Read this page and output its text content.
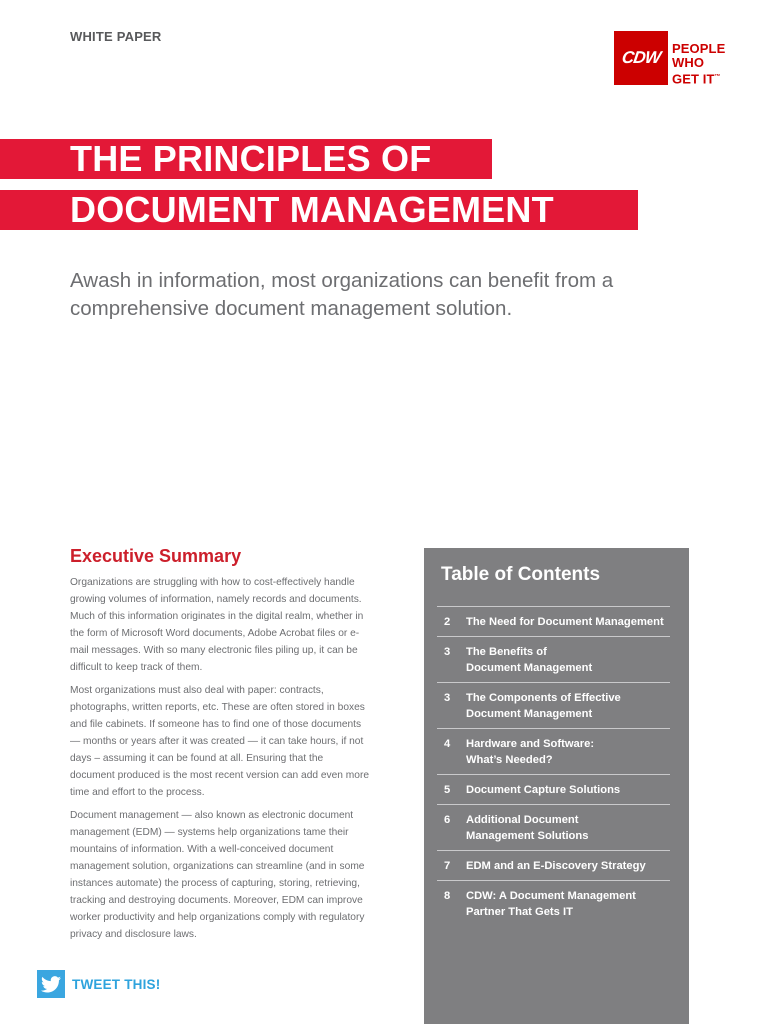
WHITE PAPER
CDW PEOPLE
WHO
GET IT™
THE PRINCIPLES OF
DOCUMENT MANAGEMENT
Awash in information, most organizations can benefit from a comprehensive document management solution.
Executive Summary

Organizations are struggling with how to cost-effectively handle growing volumes of information, namely records and documents. Much of this information originates in the digital realm, whether in the form of Microsoft Word documents, Adobe Acrobat files or e-mail messages. With so many electronic files piling up, it can be difficult to keep track of them.

Most organizations must also deal with paper: contracts, photographs, written reports, etc. These are often stored in boxes and file cabinets. If someone has to find one of those documents — months or years after it was created — it can take hours, if not days – assuming it can be found at all. Ensuring that the document produced is the most recent version can add even more time and effort to the process.

Document management — also known as electronic document management (EDM) — systems help organizations tame their mountains of information. With a well-conceived document management solution, organizations can streamline (and in some instances automate) the process of capturing, storing, retrieving, tracking and destroying documents. Moreover, EDM can improve worker productivity and help organizations comply with regulatory privacy and disclosure laws.

TWEET THIS!
Table of Contents
2	The Need for Document Management
3	The Benefits of
Document Management
3	The Components of Effective
Document Management
4	Hardware and Software:
What’s Needed?
5	Document Capture Solutions
6	Additional Document
Management Solutions
7	EDM and an E-Discovery Strategy
8	CDW: A Document Management
Partner That Gets IT
